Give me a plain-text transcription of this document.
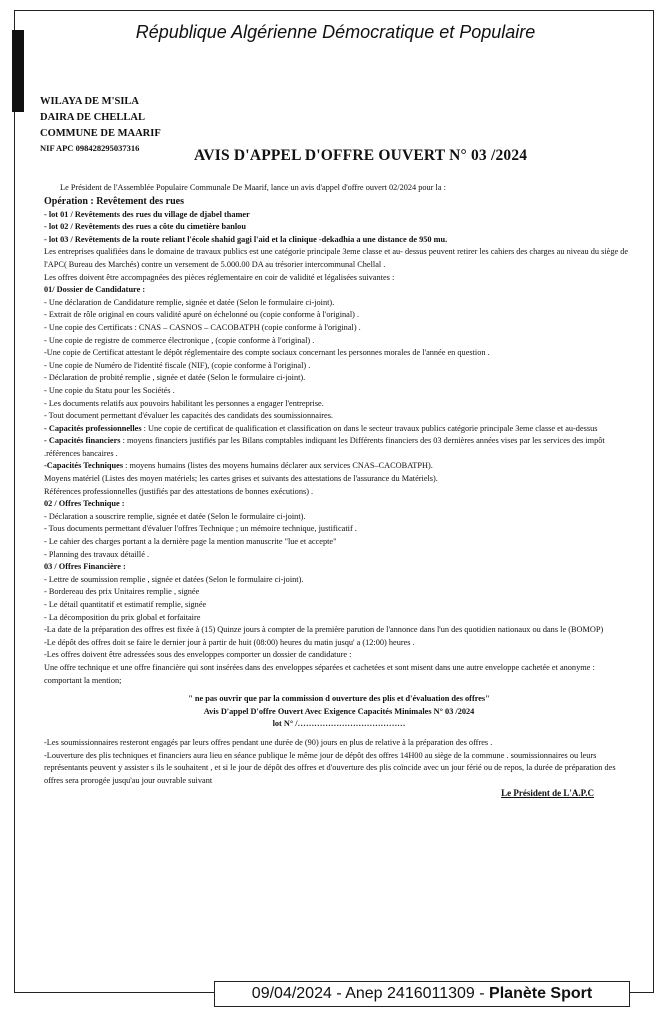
République Algérienne Démocratique et Populaire
WILAYA DE M'SILA
DAIRA DE CHELLAL
COMMUNE DE MAARIF
NIF APC 098428295037316	AVIS D'APPEL D'OFFRE OUVERT N° 03 /2024

Le Président de l'Assemblée Populaire Communale De Maarif, lance un avis d'appel d'offre ouvert 02/2024 pour la :

Opération : Revêtement des rues

- lot 01 / Revêtements des rues du village de djabel thamer

- lot 02 / Revêtements des rues a côte du cimetière banlou

- lot 03 / Revêtements de la route reliant l'école shahid gagi l'aid et la clinique -dekadhia a une distance de 950 mu.

Les entreprises qualifiées dans le domaine de travaux publics est une catégorie principale 3eme classe et au- dessus peuvent retirer les cahiers des charges au niveau du siège de l'APC( Bureau des Marchés) contre un versement de 5.000.00 DA au trésorier intercommunal Chellal .

Les offres doivent être accompagnées des pièces réglementaire en coir de validité et légalisées suivantes :

01/ Dossier de Candidature :

- Une déclaration de Candidature remplie, signée et datée (Selon le formulaire ci-joint).

- Extrait de rôle original en cours validité apuré on échelonné ou (copie conforme à l'original) .

- Une copie des Certificats : CNAS – CASNOS – CACOBATPH (copie conforme à l'original) .

- Une copie de registre de commerce électronique , (copie conforme à l'original) .

-Une copie de Certificat attestant le dépôt réglementaire des compte sociaux concernant les personnes morales de l'année en question .

- Une copie de Numéro de l'identité fiscale (NIF), (copie conforme à l'original) .

- Déclaration de probité remplie , signée et datée (Selon le formulaire ci-joint).

- Une copie du Statu pour les Sociétés .

- Les documents relatifs aux pouvoirs habilitant les personnes a engager l'entreprise.

- Tout document permettant d'évaluer les capacités des candidats des soumissionnaires.

- Capacités professionnelles : Une copie de certificat de qualification et classification on dans le secteur travaux publics catégorie principale 3eme classe et au-dessus

- Capacités financiers : moyens financiers justifiés par les Bilans comptables indiquant les Différents financiers des 03 dernières années vises par les services des impôt .références bancaires .

-Capacités Techniques : moyens humains (listes des moyens humains déclarer aux services CNAS–CACOBATPH).

Moyens matériel (Listes des moyen matériels; les cartes grises et suivants des attestations de l'assurance du Matériels).

Références professionnelles (justifiés par des attestations de bonnes exécutions) .

02 / Offres Technique :

- Déclaration a souscrire remplie, signée et datée (Selon le formulaire ci-joint).

- Tous documents permettant d'évaluer l'offres Technique ; un mémoire technique, justificatif .

- Le cahier des charges portant a la dernière page la mention manuscrite "lue et accepte"

- Planning des travaux détaillé .

03 / Offres Financière :

- Lettre de soumission remplie , signée et datées (Selon le formulaire ci-joint).

- Bordereau des prix Unitaires remplie , signée

- Le détail quantitatif et estimatif remplie, signée

- La décomposition du prix global et forfaitaire

-La date de la préparation des offres est fixée à (15) Quinze jours à compter de la première parution de l'annonce dans l'un des quotidien nationaux ou dans le (BOMOP)

-Le dépôt des offres doit se faire le dernier jour à partir de huit (08:00) heures du matin jusqu' a (12:00) heures .

-Les offres doivent être adressées sous des enveloppes comporter un dossier de candidature :

Une offre technique et une offre financière qui sont insérées dans des enveloppes séparées et cachetées et sont misent dans une autre enveloppe cachetée et anonyme : comportant la mention;

" ne pas ouvrir que par la commission d ouverture des plis et d'évaluation des offres"

Avis D'appel D'offre Ouvert Avec Exigence Capacités Minimales N° 03 /2024

lot N° /…………………………………

-Les soumissionnaires resteront engagés par leurs offres pendant une durée de (90) jours en plus de relative à la préparation des offres .

-Louverture des plis techniques et financiers aura lieu en séance publique le même jour de dépôt des offres 14H00 au siège de la commune . soumissionnaires ou leurs représentants peuvent y assister s ils le souhaitent , et si le jour de dépôt des offres et d'ouverture des plis coïncide avec un jour férié ou de repos, la durée de préparation des offres sera prorogée jusqu'au jour ouvrable suivant

Le Président de L'A.P.C

09/04/2024 - Anep 2416011309 - Planète Sport
